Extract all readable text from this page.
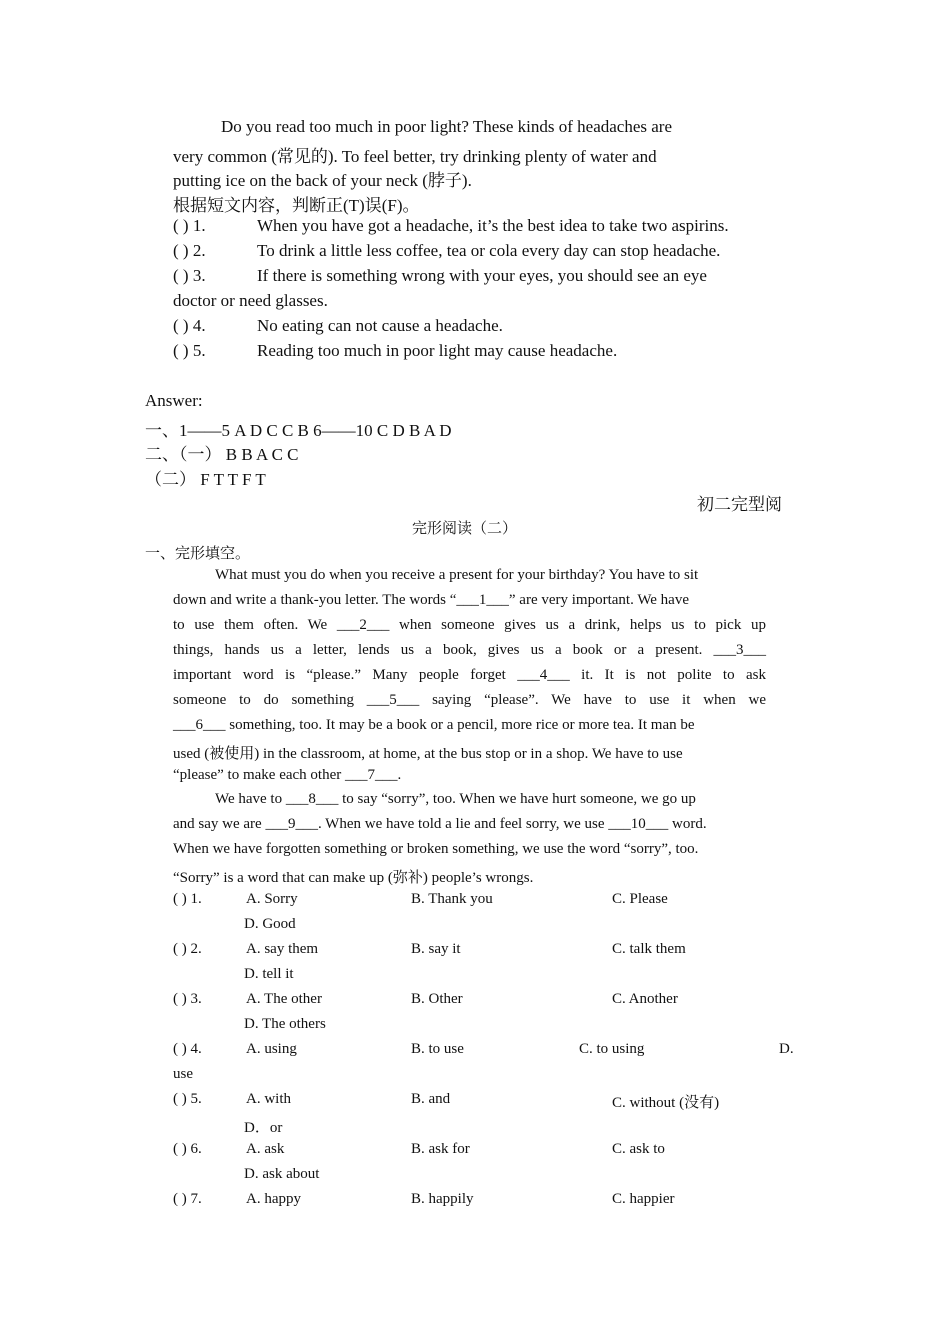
Do you read too much in poor light? These kinds of headaches are
very common (常见的). To feel better, try drinking plenty of water and
putting ice on the back of your neck (脖子).
根据短文内容，判断正(T)误(F)。
( ) 1.	When you have got a headache, it’s the best idea to take two aspirins.
( ) 2.	To drink a little less coffee, tea or cola every day can stop headache.
( ) 3.	If there is something wrong with your eyes, you should see an eye
doctor or need glasses.
( ) 4.	No eating can not cause a headache.
( ) 5.	Reading too much in poor light may cause headache.
Answer:
一、1——5 A D C C B 6——10 C D B A D
二、（一） B B A C C
（二） F T T F T
初二完型阅
完形阅读（二）
一、完形填空。
What must you do when you receive a present for your birthday? You have to sit
down and write a thank-you letter. The words “___1___” are very important. We have
to use them often. We ___2___ when someone gives us a drink, helps us to pick up
things, hands us a letter, lends us a book, gives us a book or a present. ___3___
important word is “please.” Many people forget ___4___ it. It is not polite to ask
someone to do something ___5___ saying “please”. We have to use it when we
___6___ something, too. It may be a book or a pencil, more rice or more tea. It man be
used (被使用) in the classroom, at home, at the bus stop or in a shop. We have to use
“please” to make each other ___7___.
We have to ___8___ to say “sorry”, too. When we have hurt someone, we go up
and say we are ___9___. When we have told a lie and feel sorry, we use ___10___ word.
When we have forgotten something or broken something, we use the word “sorry”, too.
“Sorry” is a word that can make up (弥补) people’s wrongs.
( ) 1.	A. Sorry	B. Thank you	C. Please
D. Good
( ) 2.	A. say them	B. say it	C. talk them
D. tell it
( ) 3.	A. The other	B. Other	C. Another
D. The others
( ) 4.	A. using	B. to use	C. to using	D.
use
( ) 5.	A. with	B. and	C. without (没有)
D．or
( ) 6.	A. ask	B. ask for	C. ask to
D. ask about
( ) 7.	A. happy	B. happily	C. happier
